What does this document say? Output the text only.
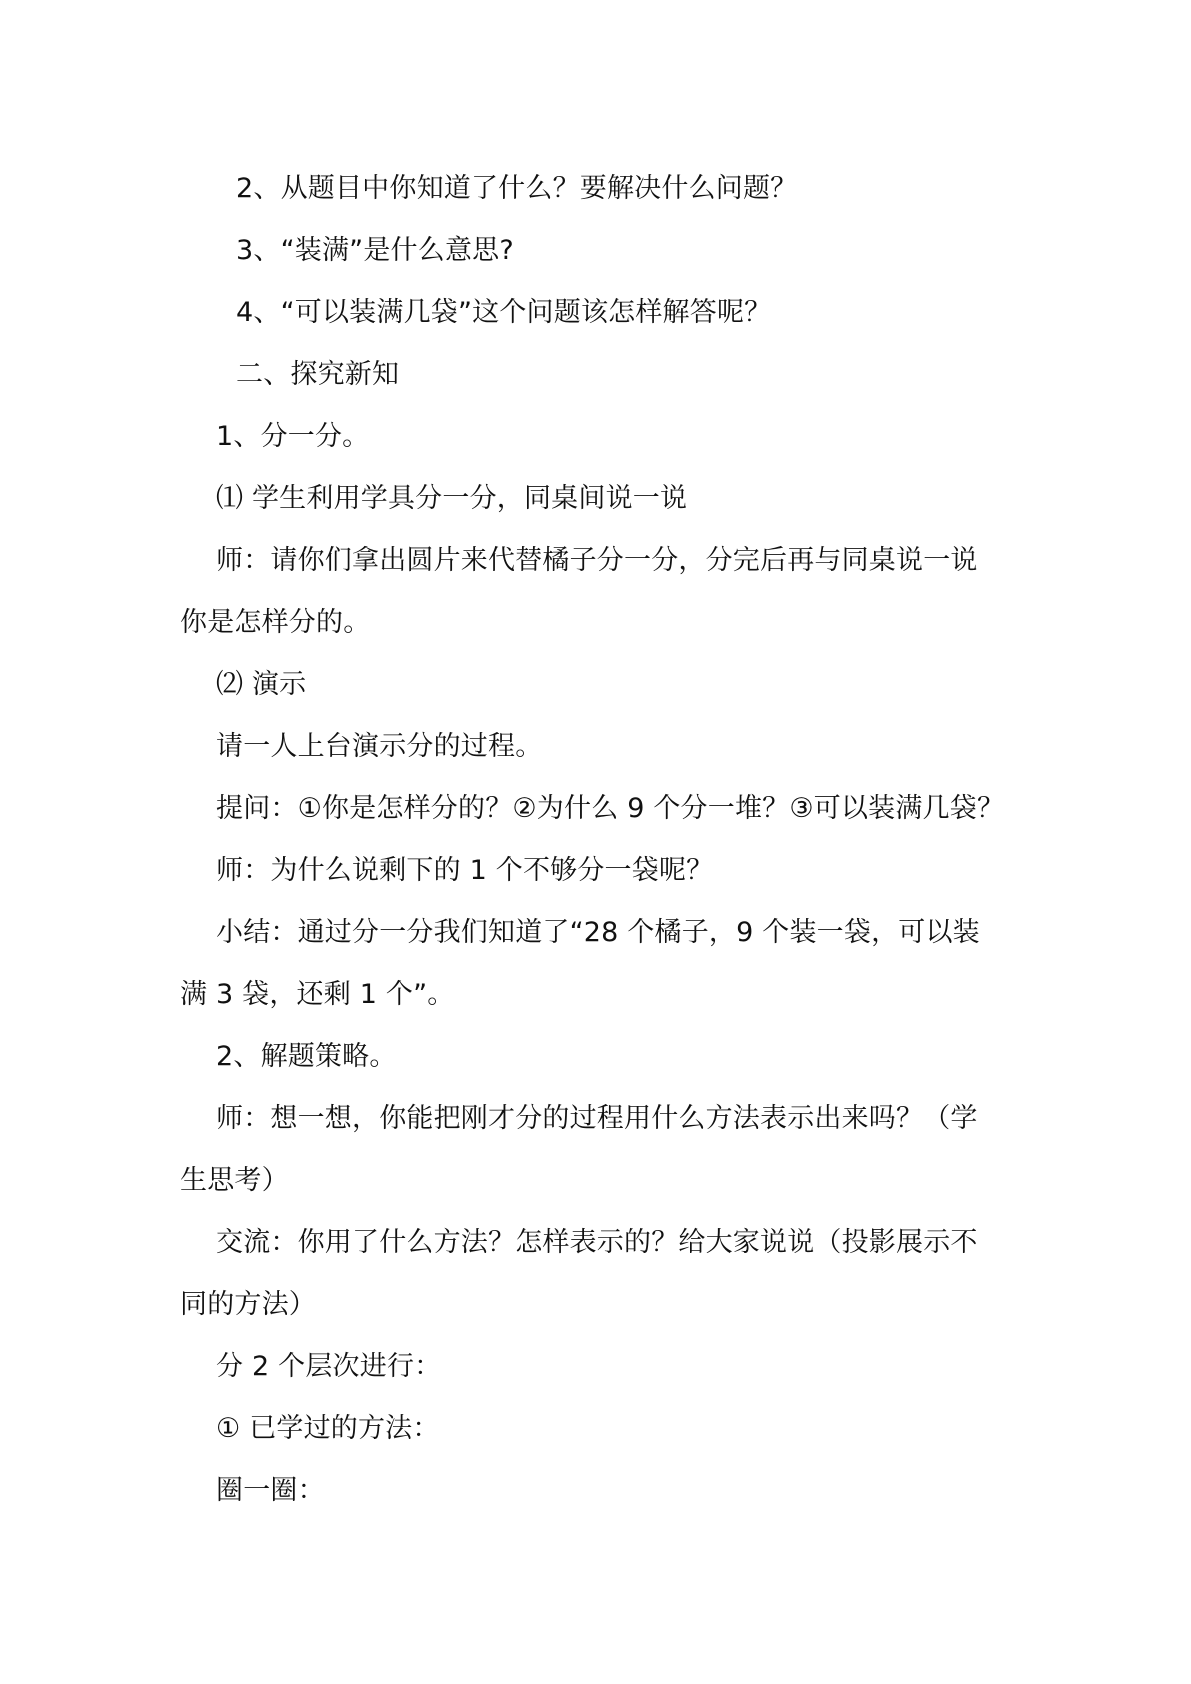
2、从题目中你知道了什么？要解决什么问题？

3、“装满”是什么意思?

4、“可以装满几袋”这个问题该怎样解答呢？

二、探究新知

1、分一分。

⑴ 学生利用学具分一分，同桌间说一说

师：请你们拿出圆片来代替橘子分一分，分完后再与同桌说一说

你是怎样分的。

⑵ 演示

请一人上台演示分的过程。

提问：①你是怎样分的？②为什么 9 个分一堆？③可以装满几袋？

师：为什么说剩下的 1 个不够分一袋呢？

小结：通过分一分我们知道了“28 个橘子，9 个装一袋，可以装

满 3 袋，还剩 1 个”。

2、解题策略。

师：想一想，你能把刚才分的过程用什么方法表示出来吗？（学

生思考）

交流：你用了什么方法？怎样表示的？给大家说说（投影展示不

同的方法）

分 2 个层次进行：

① 已学过的方法：

圈一圈：
